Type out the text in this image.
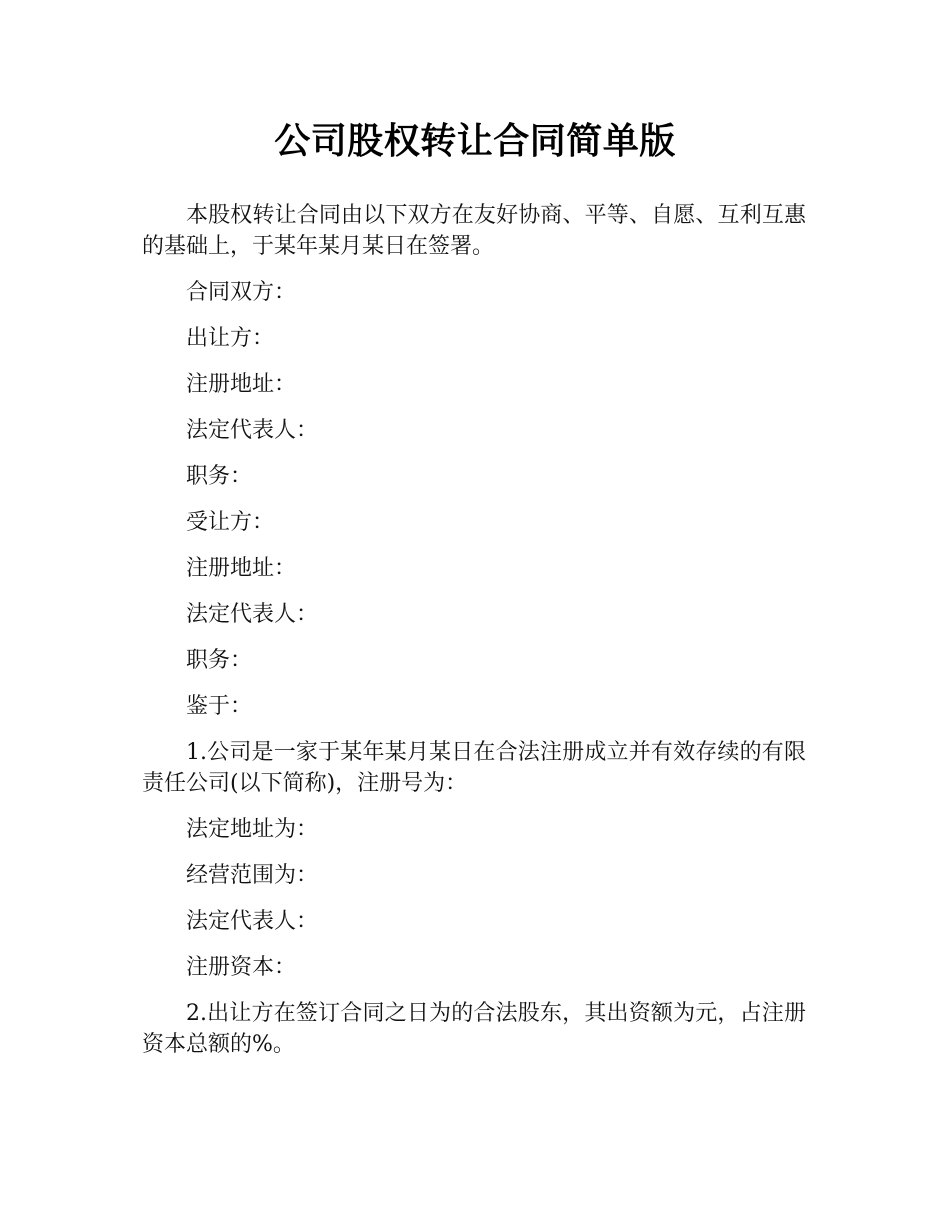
公司股权转让合同简单版

本股权转让合同由以下双方在友好协商、平等、自愿、互利互惠的基础上，于某年某月某日在签署。

合同双方：

出让方：

注册地址：

法定代表人：

职务：

受让方：

注册地址：

法定代表人：

职务：

鉴于：

1.公司是一家于某年某月某日在合法注册成立并有效存续的有限责任公司(以下简称)，注册号为：

法定地址为：

经营范围为：

法定代表人：

注册资本：

2.出让方在签订合同之日为的合法股东，其出资额为元，占注册资本总额的%。
